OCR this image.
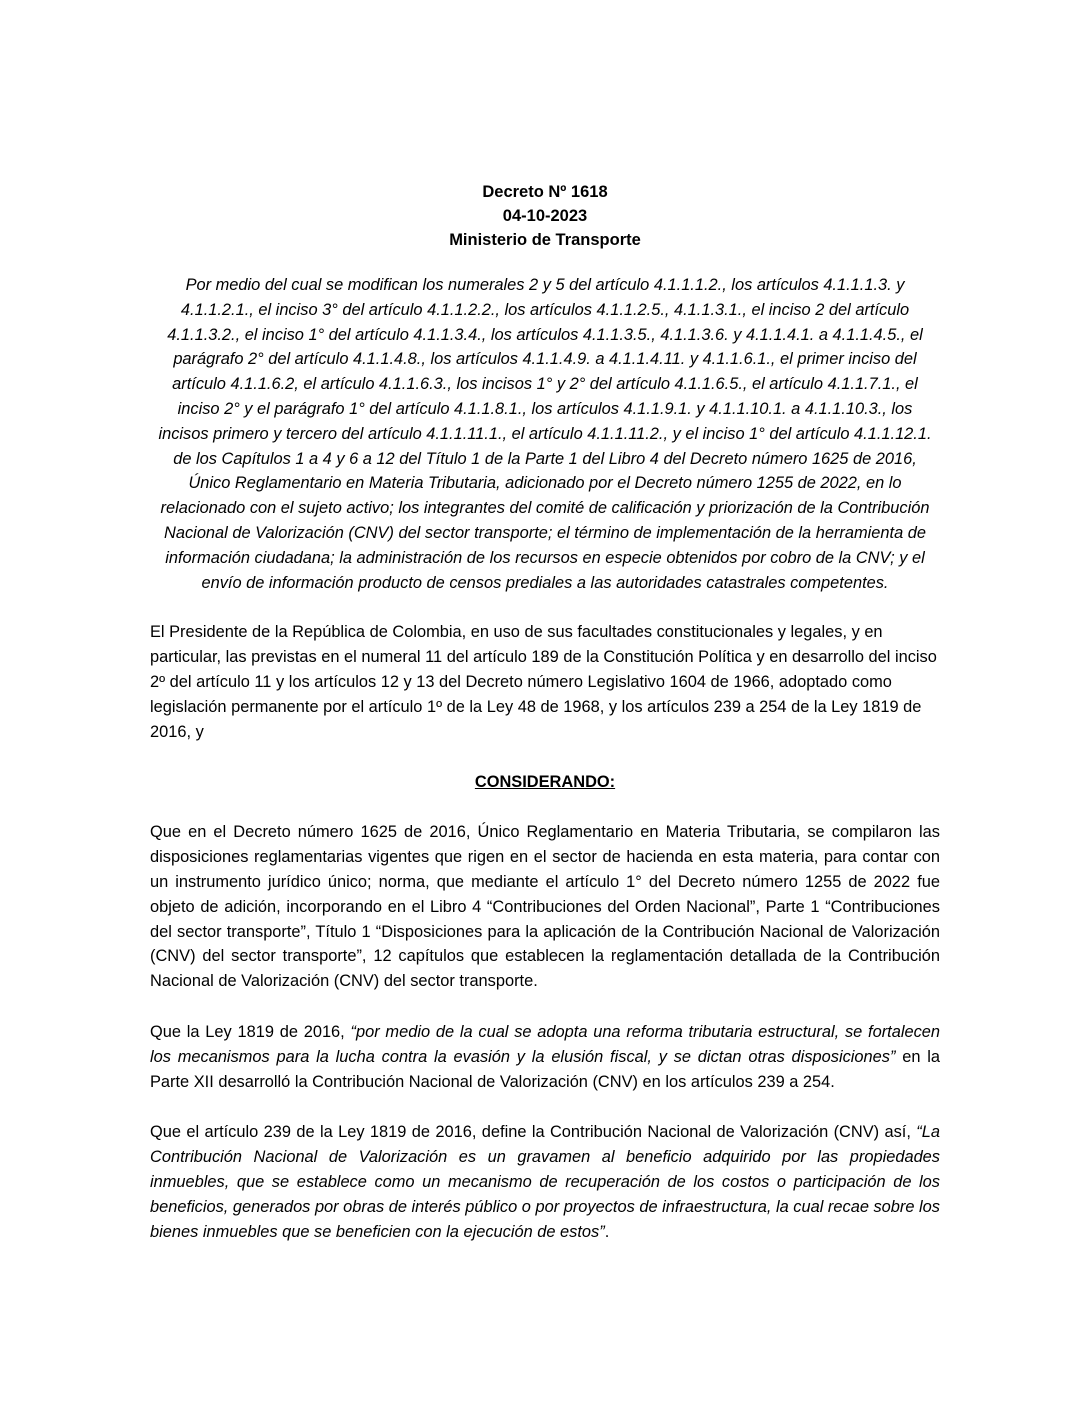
Decreto Nº 1618
04-10-2023
Ministerio de Transporte
Por medio del cual se modifican los numerales 2 y 5 del artículo 4.1.1.1.2., los artículos 4.1.1.1.3. y 4.1.1.2.1., el inciso 3° del artículo 4.1.1.2.2., los artículos 4.1.1.2.5., 4.1.1.3.1., el inciso 2 del artículo 4.1.1.3.2., el inciso 1° del artículo 4.1.1.3.4., los artículos 4.1.1.3.5., 4.1.1.3.6. y 4.1.1.4.1. a 4.1.1.4.5., el parágrafo 2° del artículo 4.1.1.4.8., los artículos 4.1.1.4.9. a 4.1.1.4.11. y 4.1.1.6.1., el primer inciso del artículo 4.1.1.6.2, el artículo 4.1.1.6.3., los incisos 1° y 2° del artículo 4.1.1.6.5., el artículo 4.1.1.7.1., el inciso 2° y el parágrafo 1° del artículo 4.1.1.8.1., los artículos 4.1.1.9.1. y 4.1.1.10.1. a 4.1.1.10.3., los incisos primero y tercero del artículo 4.1.1.11.1., el artículo 4.1.1.11.2., y el inciso 1° del artículo 4.1.1.12.1. de los Capítulos 1 a 4 y 6 a 12 del Título 1 de la Parte 1 del Libro 4 del Decreto número 1625 de 2016, Único Reglamentario en Materia Tributaria, adicionado por el Decreto número 1255 de 2022, en lo relacionado con el sujeto activo; los integrantes del comité de calificación y priorización de la Contribución Nacional de Valorización (CNV) del sector transporte; el término de implementación de la herramienta de información ciudadana; la administración de los recursos en especie obtenidos por cobro de la CNV; y el envío de información producto de censos prediales a las autoridades catastrales competentes.
El Presidente de la República de Colombia, en uso de sus facultades constitucionales y legales, y en particular, las previstas en el numeral 11 del artículo 189 de la Constitución Política y en desarrollo del inciso 2º del artículo 11 y los artículos 12 y 13 del Decreto número Legislativo 1604 de 1966, adoptado como legislación permanente por el artículo 1º de la Ley 48 de 1968, y los artículos 239 a 254 de la Ley 1819 de 2016, y
CONSIDERANDO:
Que en el Decreto número 1625 de 2016, Único Reglamentario en Materia Tributaria, se compilaron las disposiciones reglamentarias vigentes que rigen en el sector de hacienda en esta materia, para contar con un instrumento jurídico único; norma, que mediante el artículo 1° del Decreto número 1255 de 2022 fue objeto de adición, incorporando en el Libro 4 “Contribuciones del Orden Nacional”, Parte 1 “Contribuciones del sector transporte”, Título 1 “Disposiciones para la aplicación de la Contribución Nacional de Valorización (CNV) del sector transporte”, 12 capítulos que establecen la reglamentación detallada de la Contribución Nacional de Valorización (CNV) del sector transporte.
Que la Ley 1819 de 2016, “por medio de la cual se adopta una reforma tributaria estructural, se fortalecen los mecanismos para la lucha contra la evasión y la elusión fiscal, y se dictan otras disposiciones” en la Parte XII desarrolló la Contribución Nacional de Valorización (CNV) en los artículos 239 a 254.
Que el artículo 239 de la Ley 1819 de 2016, define la Contribución Nacional de Valorización (CNV) así, “La Contribución Nacional de Valorización es un gravamen al beneficio adquirido por las propiedades inmuebles, que se establece como un mecanismo de recuperación de los costos o participación de los beneficios, generados por obras de interés público o por proyectos de infraestructura, la cual recae sobre los bienes inmuebles que se beneficien con la ejecución de estos”.
